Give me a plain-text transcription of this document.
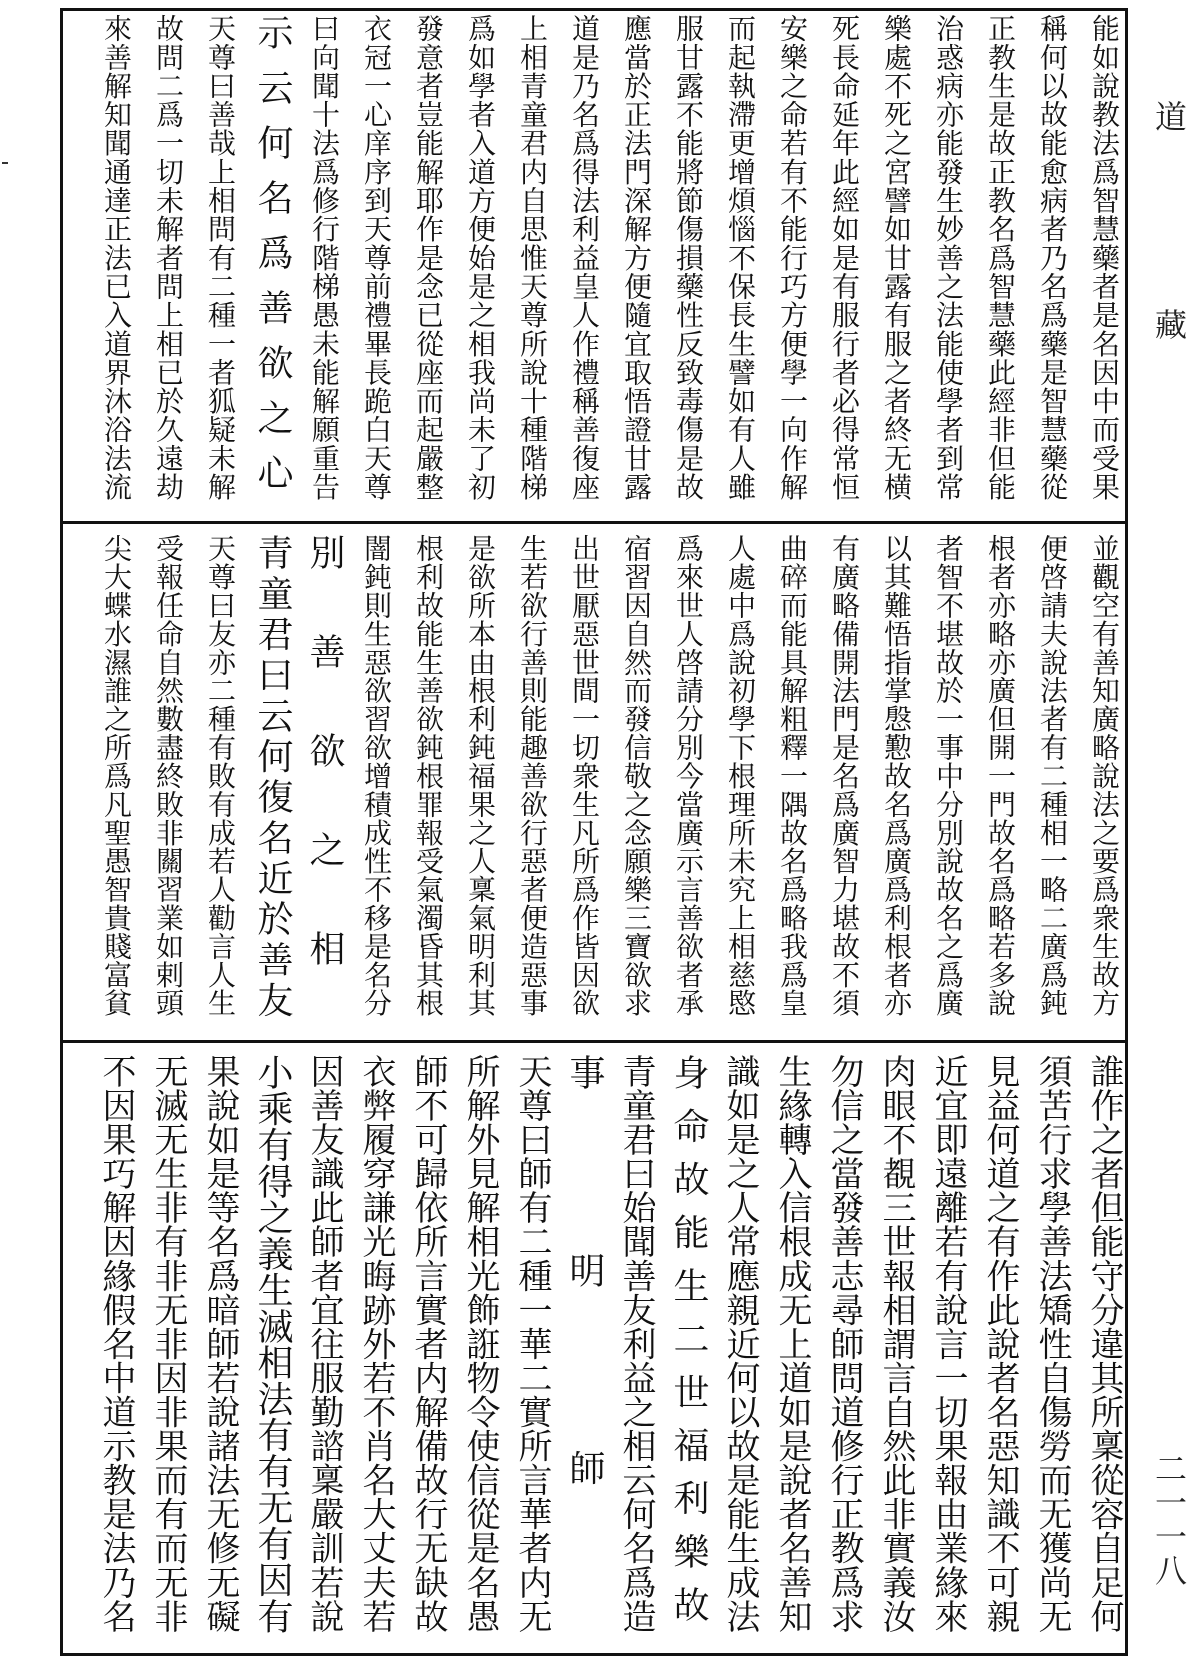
道
藏
二一一八
能如說教法爲智慧藥者是名因中而受果
稱何以故能愈病者乃名爲藥是智慧藥從
正教生是故正教名爲智慧藥此經非但能
治惑病亦能發生妙善之法能使學者到常
樂處不死之宮譬如甘露有服之者終无横
死長命延年此經如是有服行者必得常恒
安樂之命若有不能行巧方便學一向作解
而起執滯更增煩惱不保長生譬如有人雖
服甘露不能將節傷損藥性反致毒傷是故
應當於正法門深解方便隨宜取悟證甘露
道是乃名爲得法利益皇人作禮稱善復座
上相青童君内自思惟天尊所說十種階梯
爲如學者入道方便始是之相我尚未了初
發意者豈能解耶作是念已從座而起嚴整
衣冠一心庠序到天尊前禮畢長跪白天尊
曰向聞十法爲修行階梯愚未能解願重告
示云何名爲善欲之心
天尊曰善哉上相問有二種一者狐疑未解
故問二爲一切未解者問上相已於久遠劫
來善解知聞通達正法已入道界沐浴法流
並觀空有善知廣略說法之要爲衆生故方
便啓請夫說法者有二種相一略二廣爲鈍
根者亦略亦廣但開一門故名爲略若多說
者智不堪故於一事中分別說故名之爲廣
以其難悟指掌慇懃故名爲廣爲利根者亦
有廣略備開法門是名爲廣智力堪故不須
曲碎而能具解粗釋一隅故名爲略我爲皇
人處中爲說初學下根理所未究上相慈愍
爲來世人啓請分別今當廣示言善欲者承
宿習因自然而發信敬之念願樂三寶欲求
出世厭惡世間一切衆生凡所爲作皆因欲
生若欲行善則能趣善欲行惡者便造惡事
是欲所本由根利鈍福果之人稟氣明利其
根利故能生善欲鈍根罪報受氣濁昏其根
闇鈍則生惡欲習欲增積成性不移是名分
別善欲之相
青童君曰云何復名近於善友
天尊曰友亦二種有敗有成若人勸言人生
受報任命自然數盡終敗非關習業如剌頭
尖大蝶水濕誰之所爲凡聖愚智貴賤富貧
誰作之者但能守分違其所稟從容自足何
須苦行求學善法矯性自傷勞而无獲尚无
見益何道之有作此說者名惡知識不可親
近宜即遠離若有說言一切果報由業緣來
肉眼不覩三世報相謂言自然此非實義汝
勿信之當發善志尋師問道修行正教爲求
生緣轉入信根成无上道如是說者名善知
識如是之人常應親近何以故是能生成法
身命故能生二世福利樂故
青童君曰始聞善友利益之相云何名爲造
事明師
天尊曰師有二種一華二實所言華者内无
所解外見解相光飾誑物令使信從是名愚
師不可歸依所言實者内解備故行无缺故
衣弊履穿謙光晦跡外若不肖名大丈夫若
因善友識此師者宜往服勤諮稟嚴訓若說
小乘有得之義生滅相法有有无有因有
果說如是等名爲暗師若說諸法无修无礙
无滅无生非有非无非因非果而有而无非
不因果巧解因緣假名中道示教是法乃名
